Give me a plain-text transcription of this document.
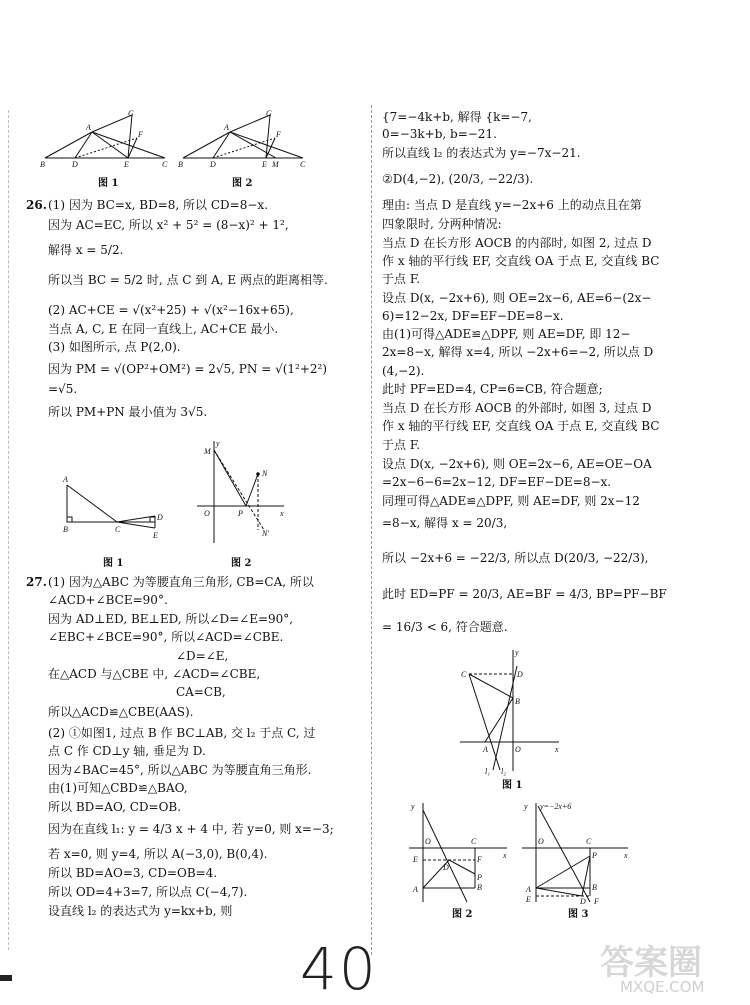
B	D
A
G
F
E	C B	D
A
G
F
E M	C
图 1	图 2
26. (1) 因为 BC=x, BD=8, 所以 CD=8−x.
因为 AC=EC, 所以 x² + 5² = (8−x)² + 1²,
解得 x = 5/2.
所以当 BC = 5/2 时, 点 C 到 A, E 两点的距离相等.
(2) AC+CE = √(x²+25) + √(x²−16x+65),
当点 A, C, E 在同一直线上, AC+CE 最小.
(3) 如图所示, 点 P(2,0).
因为 PM = √(OP²+OM²) = 2√5, PN = √(1²+2²)
=√5.
所以 PM+PN 最小值为 3√5.
A
B	C
D
E
y
M
N
O	P	x
N'
图 1	图 2
27. (1) 因为△ABC 为等腰直角三角形, CB=CA, 所以
∠ACD+∠BCE=90°.
因为 AD⊥ED, BE⊥ED, 所以∠D=∠E=90°,
∠EBC+∠BCE=90°, 所以∠ACD=∠CBE.
∠D=∠E,
在△ACD 与△CBE 中, ∠ACD=∠CBE,
CA=CB,
所以△ACD≌△CBE(AAS).
(2) ①如图1, 过点 B 作 BC⊥AB, 交 l₂ 于点 C, 过
点 C 作 CD⊥y 轴, 垂足为 D.
因为∠BAC=45°, 所以△ABC 为等腰直角三角形.
由(1)可知△CBD≌△BAO,
所以 BD=AO, CD=OB.
因为在直线 l₁: y = 4/3 x + 4 中, 若 y=0, 则 x=−3;
若 x=0, 则 y=4, 所以 A(−3,0), B(0,4).
所以 BD=AO=3, CD=OB=4.
所以 OD=4+3=7, 所以点 C(−4,7).
设直线 l₂ 的表达式为 y=kx+b, 则
{7=−4k+b, 解得 {k=−7,
0=−3k+b, b=−21.
所以直线 l₂ 的表达式为 y=−7x−21.
②D(4,−2), (20/3, −22/3).
理由: 当点 D 是直线 y=−2x+6 上的动点且在第
四象限时, 分两种情况:
当点 D 在长方形 AOCB 的内部时, 如图 2, 过点 D
作 x 轴的平行线 EF, 交直线 OA 于点 E, 交直线 BC
于点 F.
设点 D(x, −2x+6), 则 OE=2x−6, AE=6−(2x−
6)=12−2x, DF=EF−DE=8−x.
由(1)可得△ADE≌△DPF, 则 AE=DF, 即 12−
2x=8−x, 解得 x=4, 所以 −2x+6=−2, 所以点 D
(4,−2).
此时 PF=ED=4, CP=6=CB, 符合题意;
当点 D 在长方形 AOCB 的外部时, 如图 3, 过点 D
作 x 轴的平行线 EF, 交直线 OA 于点 E, 交直线 BC
于点 F.
设点 D(x, −2x+6), 则 OE=2x−6, AE=OE−OA
=2x−6−6=2x−12, DF=EF−DE=8−x.
同理可得△ADE≌△DPF, 则 AE=DF, 则 2x−12
=8−x, 解得 x = 20/3,
所以 −2x+6 = −22/3, 所以点 D(20/3, −22/3),
此时 ED=PF = 20/3, AE=BF = 4/3, BP=PF−BF
= 16/3 < 6, 符合题意.
y
C	D
B
A	O	x
l₁ l₂
图 1
y
O	C
x
E	F
D
P
A	B
y y=−2x+6
O	C
x
P
A	B
E	D F
图 2	图 3
40	答案圈
MXQE.COM
